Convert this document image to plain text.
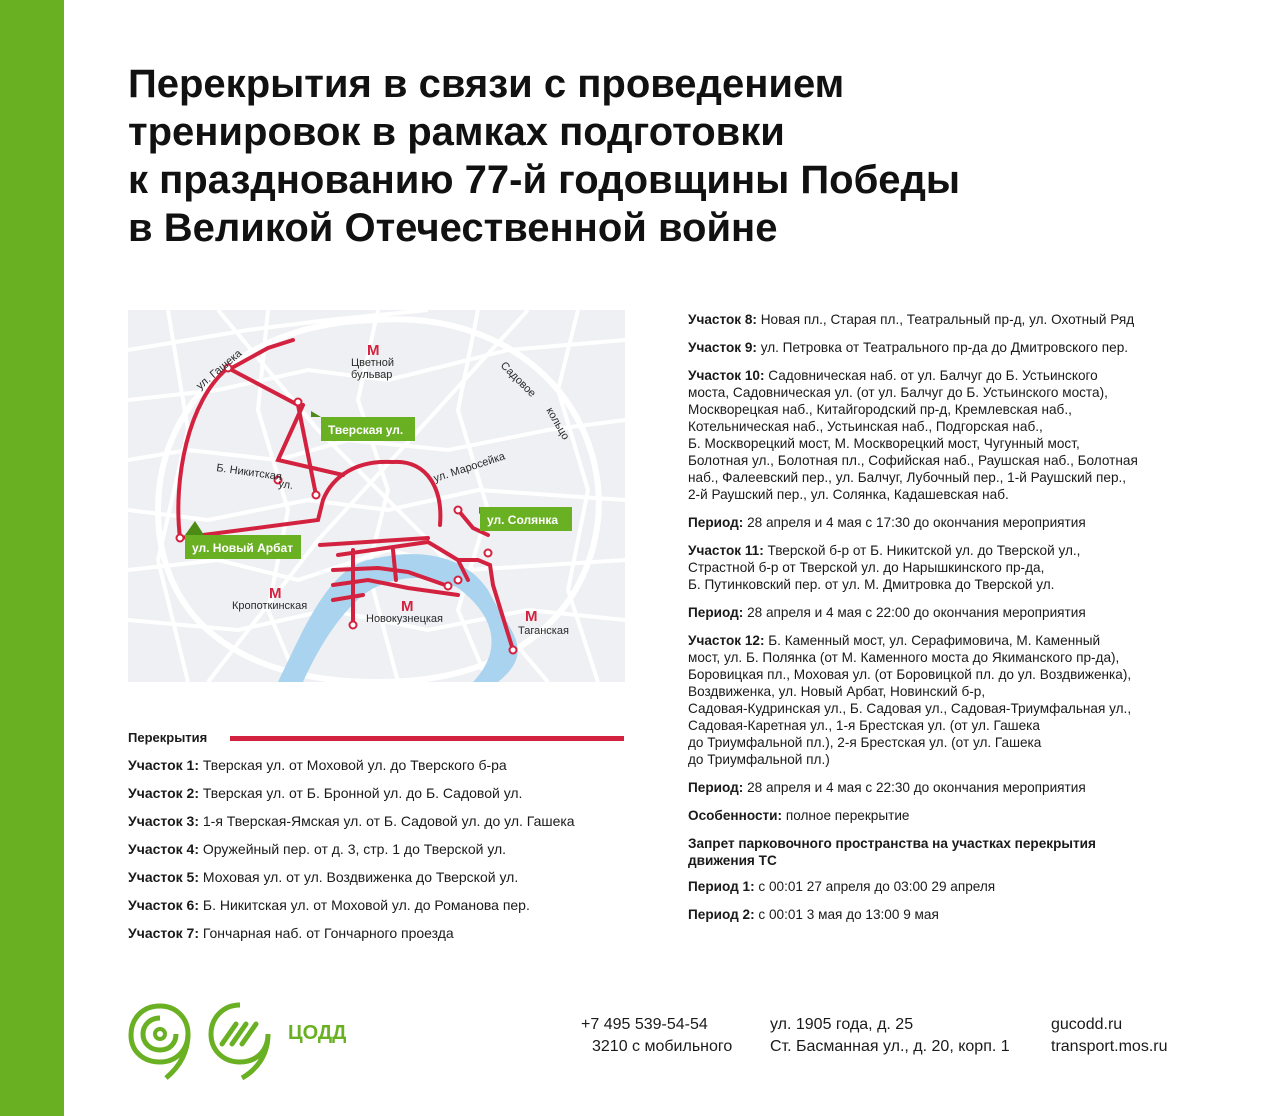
Перекрытия в связи с проведением
тренировок в рамках подготовки
к празднованию 77-й годовщины Победы
в Великой Отечественной войне
М
М
М
М
Цветной
бульвар
ул. Гашека	Садовое
кольцо
Б. Никитская
ул.
ул. Маросейка
Кропоткинская
Новокузнецкая
Таганская
Тверская ул.
ул. Солянка
ул. Новый Арбат
Перекрытия
Участок 1: Тверская ул. от Моховой ул. до Тверского б-ра
Участок 2: Тверская ул. от Б. Бронной ул. до Б. Садовой ул.
Участок 3: 1-я Тверская-Ямская ул. от Б. Садовой ул. до ул. Гашека
Участок 4: Оружейный пер. от д. 3, стр. 1 до Тверской ул.
Участок 5: Моховая ул. от ул. Воздвиженка до Тверской ул.
Участок 6: Б. Никитская ул. от Моховой ул. до Романова пер.
Участок 7: Гончарная наб. от Гончарного проезда
Участок 8: Новая пл., Старая пл., Театральный пр-д, ул. Охотный Ряд
Участок 9: ул. Петровка от Театрального пр-да до Дмитровского пер.
Участок 10: Садовническая наб. от ул. Балчуг до Б. Устьинского
моста, Садовническая ул. (от ул. Балчуг до Б. Устьинского моста),
Москворецкая наб., Китайгородский пр-д, Кремлевская наб.,
Котельническая наб., Устьинская наб., Подгорская наб.,
Б. Москворецкий мост, М. Москворецкий мост, Чугунный мост,
Болотная ул., Болотная пл., Софийская наб., Раушская наб., Болотная
наб., Фалеевский пер., ул. Балчуг, Лубочный пер., 1-й Раушский пер.,
2-й Раушский пер., ул. Солянка, Кадашевская наб.
Период: 28 апреля и 4 мая с 17:30 до окончания мероприятия
Участок 11: Тверской б-р от Б. Никитской ул. до Тверской ул.,
Страстной б-р от Тверской ул. до Нарышкинского пр-да,
Б. Путинковский пер. от ул. М. Дмитровка до Тверской ул.
Период: 28 апреля и 4 мая с 22:00 до окончания мероприятия
Участок 12: Б. Каменный мост, ул. Серафимовича, М. Каменный
мост, ул. Б. Полянка (от М. Каменного моста до Якиманского пр-да),
Боровицкая пл., Моховая ул. (от Боровицкой пл. до ул. Воздвиженка),
Воздвиженка, ул. Новый Арбат, Новинский б-р,
Садовая-Кудринская ул., Б. Садовая ул., Садовая-Триумфальная ул.,
Садовая-Каретная ул., 1-я Брестская ул. (от ул. Гашека
до Триумфальной пл.), 2-я Брестская ул. (от ул. Гашека
до Триумфальной пл.)
Период: 28 апреля и 4 мая с 22:30 до окончания мероприятия
Особенности: полное перекрытие
Запрет парковочного пространства на участках перекрытия
движения ТС
Период 1: с 00:01 27 апреля до 03:00 29 апреля
Период 2: с 00:01 3 мая до 13:00 9 мая
ЦОДД	+7 495 539-54-54
3210 с мобильного
ул. 1905 года, д. 25
Ст. Басманная ул., д. 20, корп. 1
gucodd.ru
transport.mos.ru
